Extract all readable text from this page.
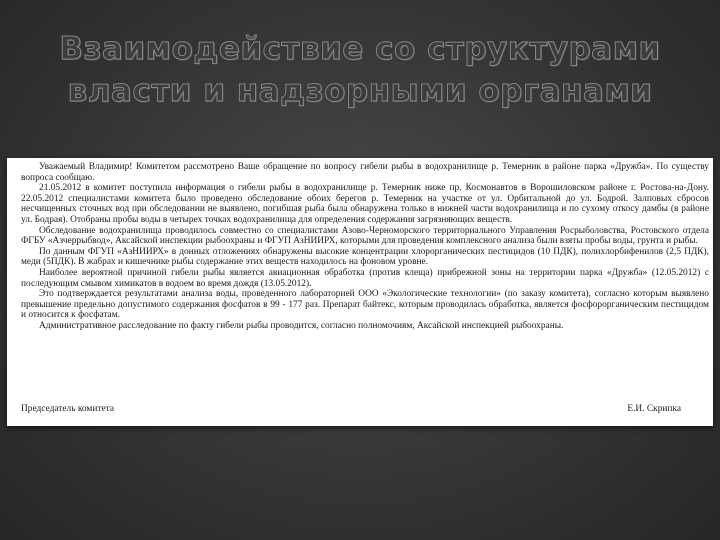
Взаимодействие со структурами
власти и надзорными органами

Уважаемый Владимир! Комитетом рассмотрено Ваше обращение по вопросу гибели рыбы в водохранилище р. Темерник в районе парка «Дружба». По существу вопроса сообщаю.

21.05.2012 в комитет поступила информация о гибели рыбы в водохранилище р. Темерник ниже пр. Космонавтов в Ворошиловском районе г. Ростова-на-Дону. 22.05.2012 специалистами комитета было проведено обследование обоих берегов р. Темерник на участке от ул. Орбитальной до ул. Бодрой. Залповых сбросов несчищенных сточных вод при обследовании не выявлено, погибшая рыба была обнаружена только в нижней части водохранилища и по сухому откосу дамбы (в районе ул. Бодрая). Отобраны пробы воды в четырех точках водохранилища для определения содержания загрязняющих веществ.

Обследование водохранилища проводилось совместно со специалистами Азово-Черноморского территориального Управления Росрыболовства, Ростовского отдела ФГБУ «Азчеррыбвод», Аксайской инспекции рыбоохраны и ФГУП АзНИИРХ, которыми для проведения комплексного анализа были взяты пробы воды, грунта и рыбы.

По данным ФГУП «АзНИИРХ» в донных отложениях обнаружены высокие концентрации хлорорганических пестицидов (10 ПДК), полихлорбифенилов (2,5 ПДК), меди (5ПДК). В жабрах и кишечнике рыбы содержание этих веществ находилось на фоновом уровне.

Наиболее вероятной причиной гибели рыбы является авиационная обработка (против клеща) прибрежной зоны на территории парка «Дружба» (12.05.2012) с последующим смывом химикатов в водоем во время дождя (13.05.2012).

Это подтверждается результатами анализа воды, проведенного лабораторией ООО «Экологические технологии» (по заказу комитета), согласно которым выявлено превышение предельно допустимого содержания фосфатов в 99 - 177 раз. Препарат байтекс, которым проводилась обработка, является фосфорорганическим пестицидом и относится к фосфатам.

Административное расследование по факту гибели рыбы проводится, согласно полномочиям, Аксайской инспекцией рыбоохраны.

Председатель комитета	Е.И. Скрипка
